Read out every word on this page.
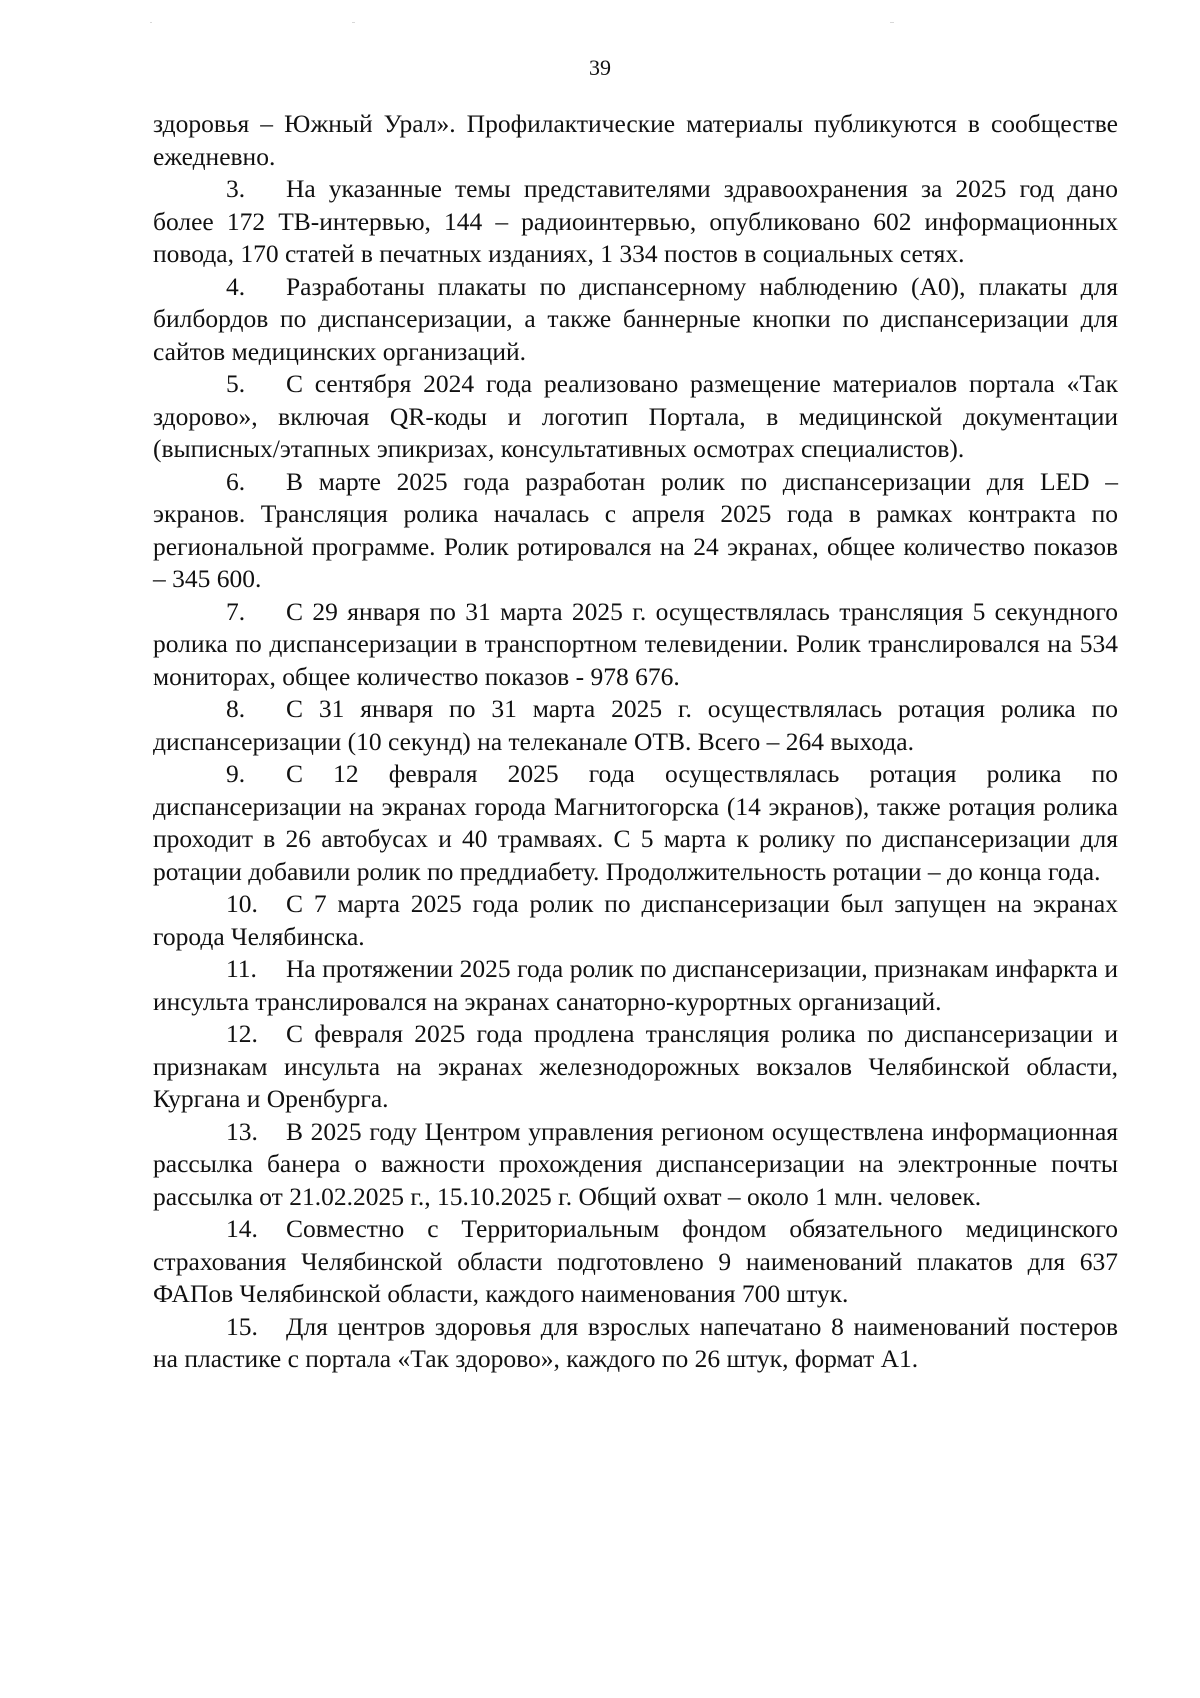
39

здоровья – Южный Урал». Профилактические материалы публикуются в сообществе ежедневно.

3. На указанные темы представителями здравоохранения за 2025 год дано более 172 ТВ-интервью, 144 – радиоинтервью, опубликовано 602 информационных повода, 170 статей в печатных изданиях, 1 334 постов в социальных сетях.

4. Разработаны плакаты по диспансерному наблюдению (А0), плакаты для билбордов по диспансеризации, а также баннерные кнопки по диспансеризации для сайтов медицинских организаций.

5. С сентября 2024 года реализовано размещение материалов портала «Так здорово», включая QR-коды и логотип Портала, в медицинской документации (выписных/этапных эпикризах, консультативных осмотрах специалистов).

6. В марте 2025 года разработан ролик по диспансеризации для LED – экранов. Трансляция ролика началась с апреля 2025 года в рамках контракта по региональной программе. Ролик ротировался на 24 экранах, общее количество показов – 345 600.

7. С 29 января по 31 марта 2025 г. осуществлялась трансляция 5 секундного ролика по диспансеризации в транспортном телевидении. Ролик транслировался на 534 мониторах, общее количество показов - 978 676.

8. С 31 января по 31 марта 2025 г. осуществлялась ротация ролика по диспансеризации (10 секунд) на телеканале ОТВ. Всего – 264 выхода.

9. С 12 февраля 2025 года осуществлялась ротация ролика по диспансеризации на экранах города Магнитогорска (14 экранов), также ротация ролика проходит в 26 автобусах и 40 трамваях. С 5 марта к ролику по диспансеризации для ротации добавили ролик по преддиабету. Продолжительность ротации – до конца года.

10. С 7 марта 2025 года ролик по диспансеризации был запущен на экранах города Челябинска.

11. На протяжении 2025 года ролик по диспансеризации, признакам инфаркта и инсульта транслировался на экранах санаторно-курортных организаций.

12. С февраля 2025 года продлена трансляция ролика по диспансеризации и признакам инсульта на экранах железнодорожных вокзалов Челябинской области, Кургана и Оренбурга.

13. В 2025 году Центром управления регионом осуществлена информационная рассылка банера о важности прохождения диспансеризации на электронные почты рассылка от 21.02.2025 г., 15.10.2025 г. Общий охват – около 1 млн. человек.

14. Совместно с Территориальным фондом обязательного медицинского страхования Челябинской области подготовлено 9 наименований плакатов для 637 ФАПов Челябинской области, каждого наименования 700 штук.

15. Для центров здоровья для взрослых напечатано 8 наименований постеров на пластике с портала «Так здорово», каждого по 26 штук, формат А1.
